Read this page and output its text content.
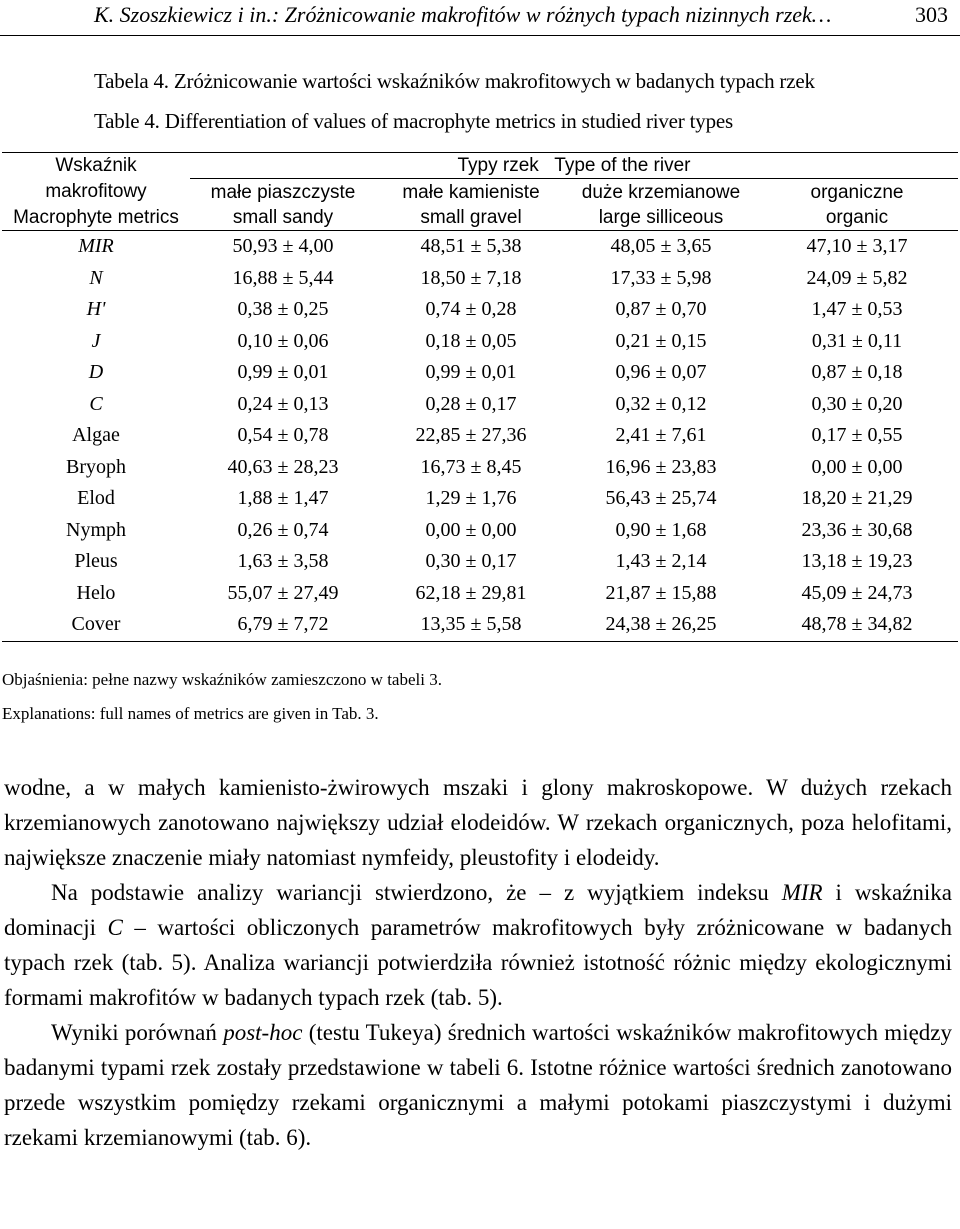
K. Szoszkiewicz i in.: Zróżnicowanie makrofitów w różnych typach nizinnych rzek…	303
Tabela 4. Zróżnicowanie wartości wskaźników makrofitowych w badanych typach rzek
Table 4. Differentiation of values of macrophyte metrics in studied river types
Wskaźnik	Typy rzek   Type of the river			
makrofitowy	małe piaszczyste	małe kamieniste	duże krzemianowe	organiczne
Macrophyte metrics	small sandy	small gravel	large silliceous	organic
MIR	50,93 ± 4,00	48,51 ± 5,38	48,05 ± 3,65	47,10 ± 3,17
N	16,88 ± 5,44	18,50 ± 7,18	17,33 ± 5,98	24,09 ± 5,82
H'	0,38 ± 0,25	0,74 ± 0,28	0,87 ± 0,70	1,47 ± 0,53
J	0,10 ± 0,06	0,18 ± 0,05	0,21 ± 0,15	0,31 ± 0,11
D	0,99 ± 0,01	0,99 ± 0,01	0,96 ± 0,07	0,87 ± 0,18
C	0,24 ± 0,13	0,28 ± 0,17	0,32 ± 0,12	0,30 ± 0,20
Algae	0,54 ± 0,78	22,85 ± 27,36	2,41 ± 7,61	0,17 ± 0,55
Bryoph	40,63 ± 28,23	16,73 ± 8,45	16,96 ± 23,83	0,00 ± 0,00
Elod	1,88 ± 1,47	1,29 ± 1,76	56,43 ± 25,74	18,20 ± 21,29
Nymph	0,26 ± 0,74	0,00 ± 0,00	0,90 ± 1,68	23,36 ± 30,68
Pleus	1,63 ± 3,58	0,30 ± 0,17	1,43 ± 2,14	13,18 ± 19,23
Helo	55,07 ± 27,49	62,18 ± 29,81	21,87 ± 15,88	45,09 ± 24,73
Cover	6,79 ± 7,72	13,35 ± 5,58	24,38 ± 26,25	48,78 ± 34,82
Objaśnienia: pełne nazwy wskaźników zamieszczono w tabeli 3.
Explanations: full names of metrics are given in Tab. 3.

wodne, a w małych kamienisto-żwirowych mszaki i glony makroskopowe. W dużych rzekach krzemianowych zanotowano największy udział elodeidów. W rzekach organicznych, poza helofitami, największe znaczenie miały natomiast nymfeidy, pleustofity i elodeidy.

Na podstawie analizy wariancji stwierdzono, że – z wyjątkiem indeksu MIR i wskaźnika dominacji C – wartości obliczonych parametrów makrofitowych były zróżnicowane w badanych typach rzek (tab. 5). Analiza wariancji potwierdziła również istotność różnic między ekologicznymi formami makrofitów w badanych typach rzek (tab. 5).

Wyniki porównań post-hoc (testu Tukeya) średnich wartości wskaźników makrofitowych między badanymi typami rzek zostały przedstawione w tabeli 6. Istotne różnice wartości średnich zanotowano przede wszystkim pomiędzy rzekami organicznymi a małymi potokami piaszczystymi i dużymi rzekami krzemianowymi (tab. 6).
